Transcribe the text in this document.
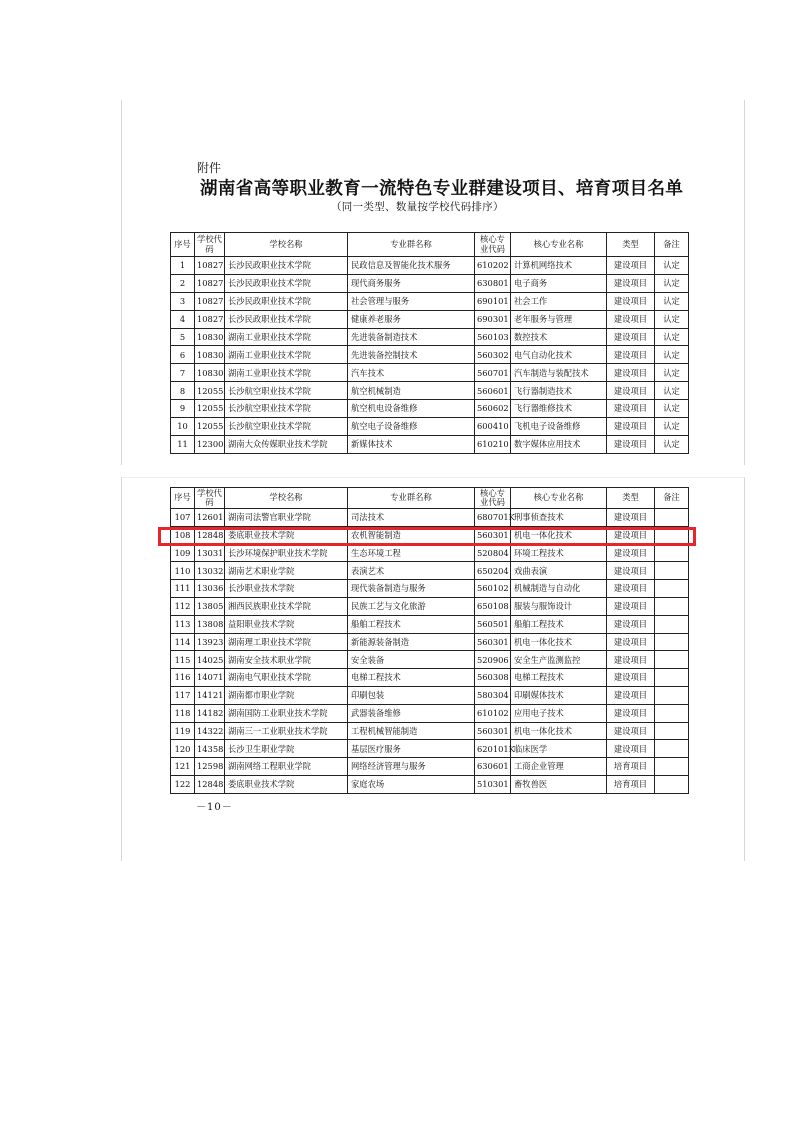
附件
湖南省高等职业教育一流特色专业群建设项目、培育项目名单
（同一类型、数量按学校代码排序）
序号	学校代码	学校名称	专业群名称	核心专业代码	核心专业名称	类型	备注
1	10827	长沙民政职业技术学院	民政信息及智能化技术服务	610202	计算机网络技术	建设项目	认定
2	10827	长沙民政职业技术学院	现代商务服务	630801	电子商务	建设项目	认定
3	10827	长沙民政职业技术学院	社会管理与服务	690101	社会工作	建设项目	认定
4	10827	长沙民政职业技术学院	健康养老服务	690301	老年服务与管理	建设项目	认定
5	10830	湖南工业职业技术学院	先进装备制造技术	560103	数控技术	建设项目	认定
6	10830	湖南工业职业技术学院	先进装备控制技术	560302	电气自动化技术	建设项目	认定
7	10830	湖南工业职业技术学院	汽车技术	560701	汽车制造与装配技术	建设项目	认定
8	12055	长沙航空职业技术学院	航空机械制造	560601	飞行器制造技术	建设项目	认定
9	12055	长沙航空职业技术学院	航空机电设备维修	560602	飞行器维修技术	建设项目	认定
10	12055	长沙航空职业技术学院	航空电子设备维修	600410	飞机电子设备维修	建设项目	认定
11	12300	湖南大众传媒职业技术学院	新媒体技术	610210	数字媒体应用技术	建设项目	认定
序号	学校代码	学校名称	专业群名称	核心专业代码	核心专业名称	类型	备注
107	12601	湖南司法警官职业学院	司法技术	680701K	刑事侦查技术	建设项目	
108	12848	娄底职业技术学院	农机智能制造	560301	机电一体化技术	建设项目	
109	13031	长沙环境保护职业技术学院	生态环境工程	520804	环境工程技术	建设项目	
110	13032	湖南艺术职业学院	表演艺术	650204	戏曲表演	建设项目	
111	13036	长沙职业技术学院	现代装备制造与服务	560102	机械制造与自动化	建设项目	
112	13805	湘西民族职业技术学院	民族工艺与文化旅游	650108	服装与服饰设计	建设项目	
113	13808	益阳职业技术学院	船舶工程技术	560501	船舶工程技术	建设项目	
114	13923	湖南理工职业技术学院	新能源装备制造	560301	机电一体化技术	建设项目	
115	14025	湖南安全技术职业学院	安全装备	520906	安全生产监测监控	建设项目	
116	14071	湖南电气职业技术学院	电梯工程技术	560308	电梯工程技术	建设项目	
117	14121	湖南都市职业学院	印刷包装	580304	印刷媒体技术	建设项目	
118	14182	湖南国防工业职业技术学院	武器装备维修	610102	应用电子技术	建设项目	
119	14322	湖南三一工业职业技术学院	工程机械智能制造	560301	机电一体化技术	建设项目	
120	14358	长沙卫生职业学院	基层医疗服务	620101K	临床医学	建设项目	
121	12598	湖南网络工程职业学院	网络经济管理与服务	630601	工商企业管理	培育项目	
122	12848	娄底职业技术学院	家庭农场	510301	畜牧兽医	培育项目	
－10－
